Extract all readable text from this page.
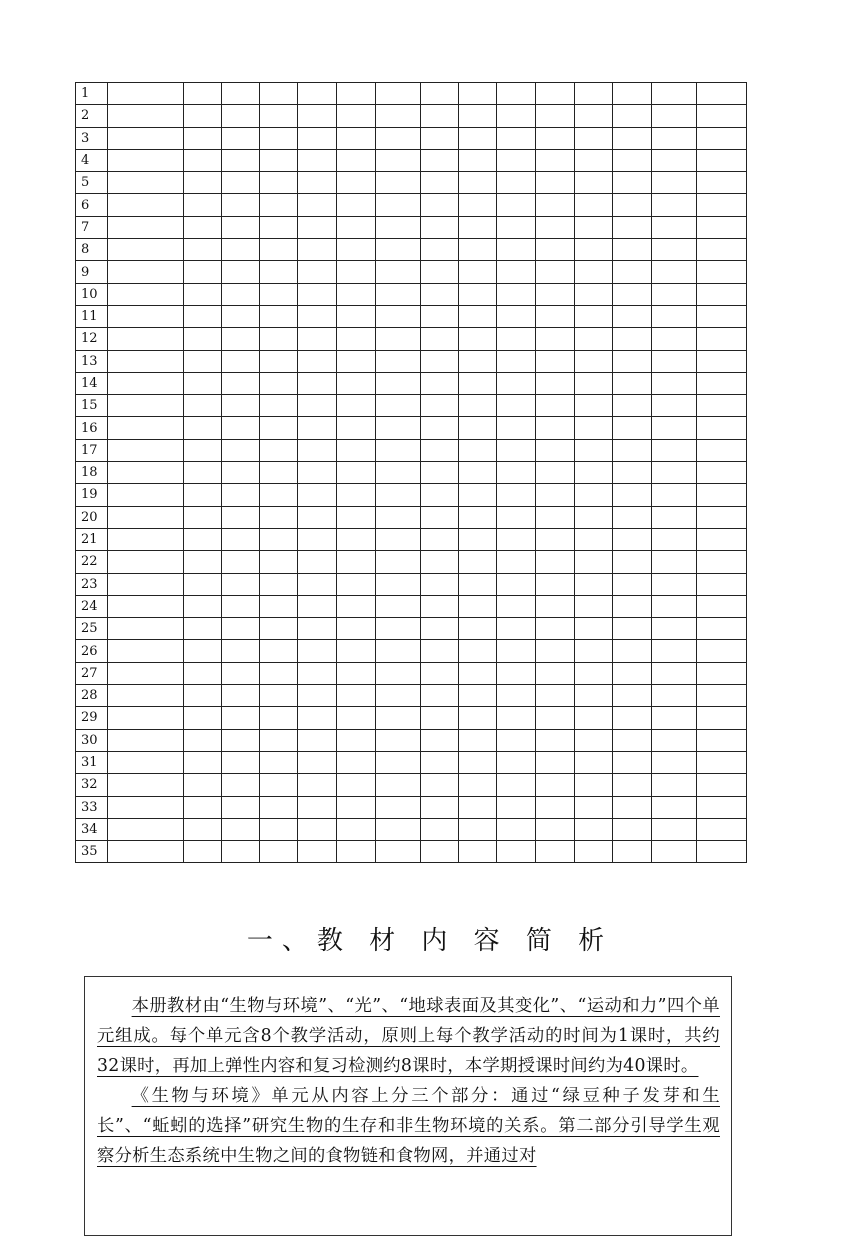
1															
2															
3															
4															
5															
6															
7															
8															
9															
10															
11															
12															
13															
14															
15															
16															
17															
18															
19															
20															
21															
22															
23															
24															
25															
26															
27															
28															
29															
30															
31															
32															
33															
34															
35															
一、教 材 内 容 简 析

本册教材由“生物与环境”、“光”、“地球表面及其变化”、“运动和力”四个单元组成。每个单元含8个教学活动，原则上每个教学活动的时间为1课时，共约32课时，再加上弹性内容和复习检测约8课时，本学期授课时间约为40课时。

《生物与环境》单元从内容上分三个部分：通过“绿豆种子发芽和生长”、“蚯蚓的选择”研究生物的生存和非生物环境的关系。第二部分引导学生观察分析生态系统中生物之间的食物链和食物网，并通过对
